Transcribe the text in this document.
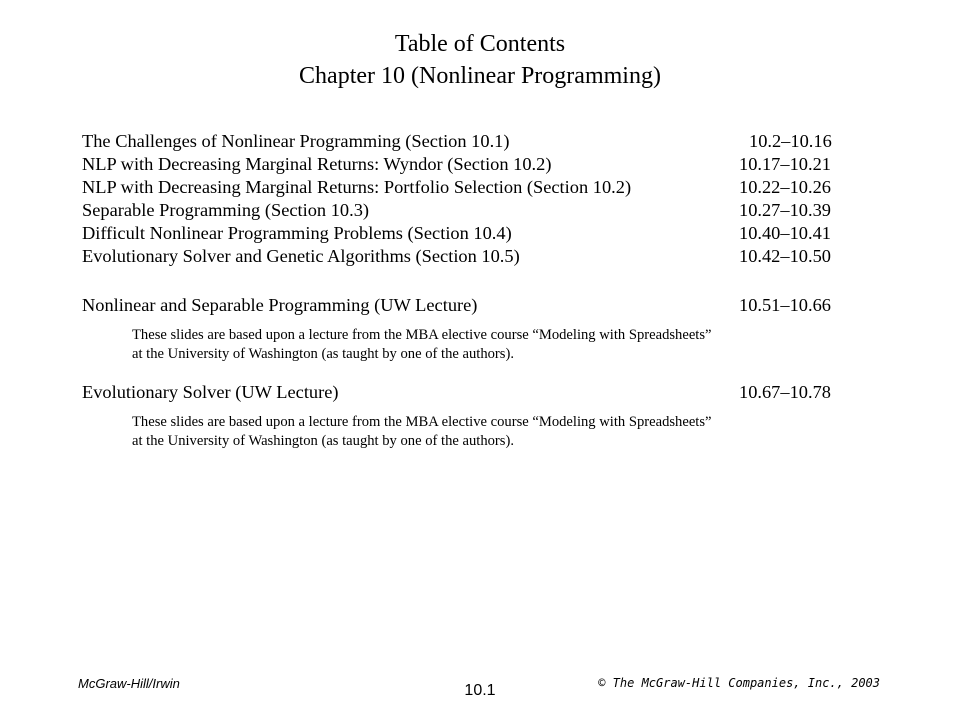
Table of Contents
Chapter 10 (Nonlinear Programming)
The Challenges of Nonlinear Programming (Section 10.1)	10.2–10.16
NLP with Decreasing Marginal Returns: Wyndor (Section 10.2)	10.17–10.21
NLP with Decreasing Marginal Returns: Portfolio Selection (Section 10.2)	10.22–10.26
Separable Programming (Section 10.3)	10.27–10.39
Difficult Nonlinear Programming Problems (Section 10.4)	10.40–10.41
Evolutionary Solver and Genetic Algorithms (Section 10.5)	10.42–10.50
Nonlinear and Separable Programming (UW Lecture)	10.51–10.66
These slides are based upon a lecture from the MBA elective course “Modeling with Spreadsheets”
at the University of Washington (as taught by one of the authors).
Evolutionary Solver (UW Lecture)	10.67–10.78
These slides are based upon a lecture from the MBA elective course “Modeling with Spreadsheets”
at the University of Washington (as taught by one of the authors).
McGraw-Hill/Irwin	10.1	© The McGraw-Hill Companies, Inc., 2003
